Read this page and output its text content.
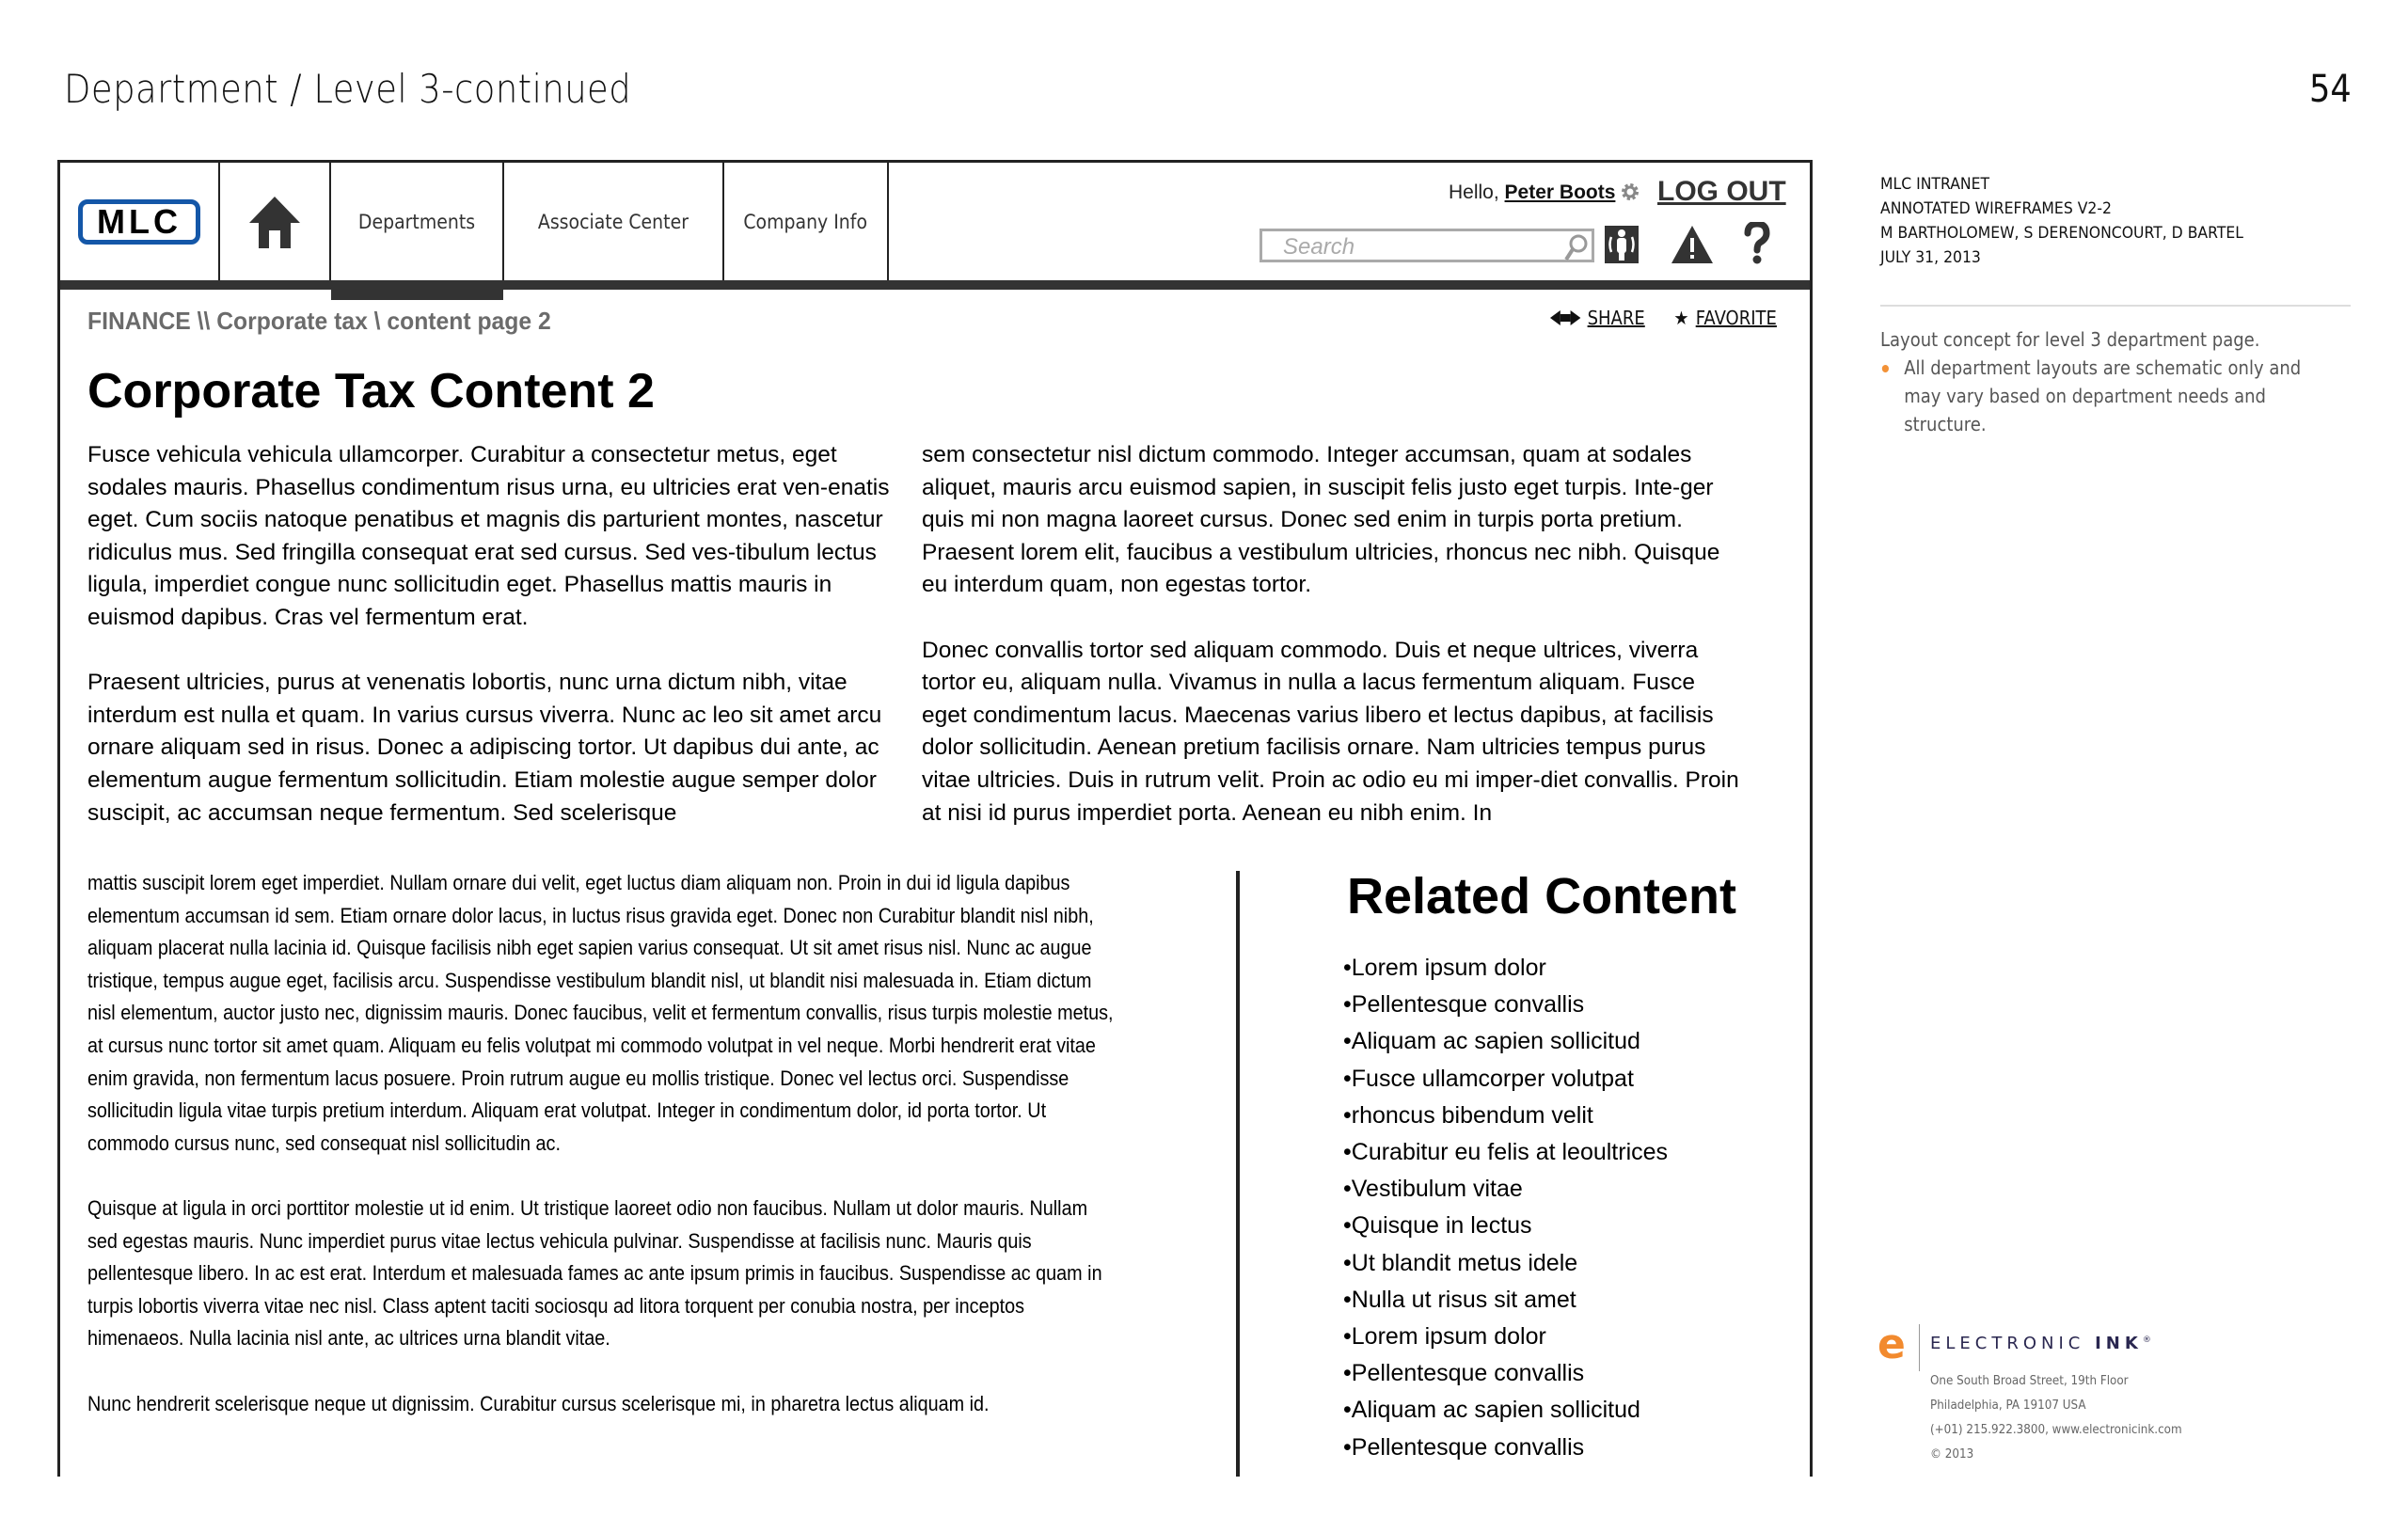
Department / Level 3-continued	54
MLC	Departments	Associate Center	Company Info
Hello, Peter Boots	LOG OUT
Search
FINANCE \\ Corporate tax \ content page 2	SHARE ★ FAVORITE
Corporate Tax Content 2

Fusce vehicula vehicula ullamcorper. Curabitur a consectetur metus, eget sodales mauris. Phasellus condimentum risus urna, eu ultricies erat ven-enatis eget. Cum sociis natoque penatibus et magnis dis parturient montes, nascetur ridiculus mus. Sed fringilla consequat erat sed cursus. Sed ves-tibulum lectus ligula, imperdiet congue nunc sollicitudin eget. Phasellus mattis mauris in euismod dapibus. Cras vel fermentum erat.

Praesent ultricies, purus at venenatis lobortis, nunc urna dictum nibh, vitae interdum est nulla et quam. In varius cursus viverra. Nunc ac leo sit amet arcu ornare aliquam sed in risus. Donec a adipiscing tortor. Ut dapibus dui ante, ac elementum augue fermentum sollicitudin. Etiam molestie augue semper dolor suscipit, ac accumsan neque fermentum. Sed scelerisque

sem consectetur nisl dictum commodo. Integer accumsan, quam at sodales aliquet, mauris arcu euismod sapien, in suscipit felis justo eget turpis. Inte-ger quis mi non magna laoreet cursus. Donec sed enim in turpis porta pretium. Praesent lorem elit, faucibus a vestibulum ultricies, rhoncus nec nibh. Quisque eu interdum quam, non egestas tortor.

Donec convallis tortor sed aliquam commodo. Duis et neque ultrices, viverra tortor eu, aliquam nulla. Vivamus in nulla a lacus fermentum aliquam. Fusce eget condimentum lacus. Maecenas varius libero et lectus dapibus, at facilisis dolor sollicitudin. Aenean pretium facilisis ornare. Nam ultricies tempus purus vitae ultricies. Duis in rutrum velit. Proin ac odio eu mi imper-diet convallis. Proin at nisi id purus imperdiet porta. Aenean eu nibh enim. In

mattis suscipit lorem eget imperdiet. Nullam ornare dui velit, eget luctus diam aliquam non. Proin in dui id ligula dapibus elementum accumsan id sem. Etiam ornare dolor lacus, in luctus risus gravida eget. Donec non Curabitur blandit nisl nibh, aliquam placerat nulla lacinia id. Quisque facilisis nibh eget sapien varius consequat. Ut sit amet risus nisl. Nunc ac augue tristique, tempus augue eget, facilisis arcu. Suspendisse vestibulum blandit nisl, ut blandit nisi malesuada in. Etiam dictum nisl elementum, auctor justo nec, dignissim mauris. Donec faucibus, velit et fermentum convallis, risus turpis molestie metus, at cursus nunc tortor sit amet quam. Aliquam eu felis volutpat mi commodo volutpat in vel neque. Morbi hendrerit erat vitae enim gravida, non fermentum lacus posuere. Proin rutrum augue eu mollis tristique. Donec vel lectus orci. Suspendisse sollicitudin ligula vitae turpis pretium interdum. Aliquam erat volutpat. Integer in condimentum dolor, id porta tortor. Ut commodo cursus nunc, sed consequat nisl sollicitudin ac.

Quisque at ligula in orci porttitor molestie ut id enim. Ut tristique laoreet odio non faucibus. Nullam ut dolor mauris. Nullam sed egestas mauris. Nunc imperdiet purus vitae lectus vehicula pulvinar. Suspendisse at facilisis nunc. Mauris quis pellentesque libero. In ac est erat. Interdum et malesuada fames ac ante ipsum primis in faucibus. Suspendisse ac quam in turpis lobortis viverra vitae nec nisl. Class aptent taciti sociosqu ad litora torquent per conubia nostra, per inceptos himenaeos. Nulla lacinia nisl ante, ac ultrices urna blandit vitae.

Nunc hendrerit scelerisque neque ut dignissim. Curabitur cursus scelerisque mi, in pharetra lectus aliquam id.

Related Content
• Lorem ipsum dolor
• Pellentesque convallis
• Aliquam ac sapien sollicitud
• Fusce ullamcorper volutpat
• rhoncus bibendum velit
• Curabitur eu felis at leoultrices
• Vestibulum vitae
• Quisque in lectus
• Ut blandit metus idele
• Nulla ut risus sit amet
• Lorem ipsum dolor
• Pellentesque convallis
• Aliquam ac sapien sollicitud
• Pellentesque convallis
MLC INTRANET
ANNOTATED WIREFRAMES V2-2
M BARTHOLOMEW, S DERENONCOURT, D BARTEL
JULY 31, 2013
Layout concept for level 3 department page.
All department layouts are schematic only and may vary based on department needs and structure.
e ELECTRONIC INK®
One South Broad Street, 19th Floor
Philadelphia, PA 19107 USA
(+01) 215.922.3800, www.electronicink.com
© 2013
